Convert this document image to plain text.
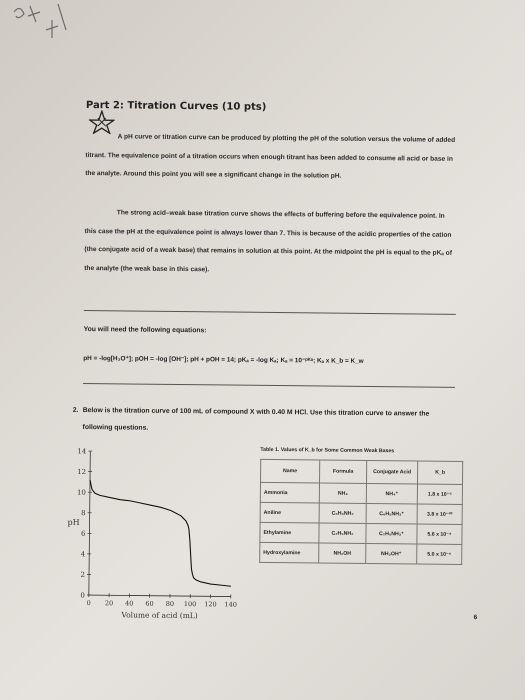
Part 2: Titration Curves (10 pts)
A pH curve or titration curve can be produced by plotting the pH of the solution versus the volume of added titrant. The equivalence point of a titration occurs when enough titrant has been added to consume all acid or base in the analyte. Around this point you will see a significant change in the solution pH.
The strong acid–weak base titration curve shows the effects of buffering before the equivalence point. In this case the pH at the equivalence point is always lower than 7. This is because of the acidic properties of the cation (the conjugate acid of a weak base) that remains in solution at this point. At the midpoint the pH is equal to the pKₐ of the analyte (the weak base in this case).
You will need the following equations:
pH = -log[H₃O⁺]; pOH = -log [OH⁻]; pH + pOH = 14; pKₐ = -log Kₐ; Kₐ = 10⁻ᵖᴷᵃ; Kₐ x K_b = K_w
2. Below is the titration curve of 100 mL of compound X with 0.40 M HCl. Use this titration curve to answer the following questions.
0
2
4
6
8
10
12
14
0 20 40 60 80 100 120 140
pH
Volume of acid (mL)
Table 1. Values of K_b for Some Common Weak Bases
Name	Formula	Conjugate Acid	K_b
Ammonia	NH₃	NH₄⁺	1.8 x 10⁻⁵
Aniline	C₆H₅NH₂	C₆H₅NH₃⁺	3.8 x 10⁻¹⁰
Ethylamine	C₂H₅NH₂	C₂H₅NH₃⁺	5.6 x 10⁻⁴
Hydroxylamine	NH₂OH	NH₃OH⁺	5.0 x 10⁻⁶
6
